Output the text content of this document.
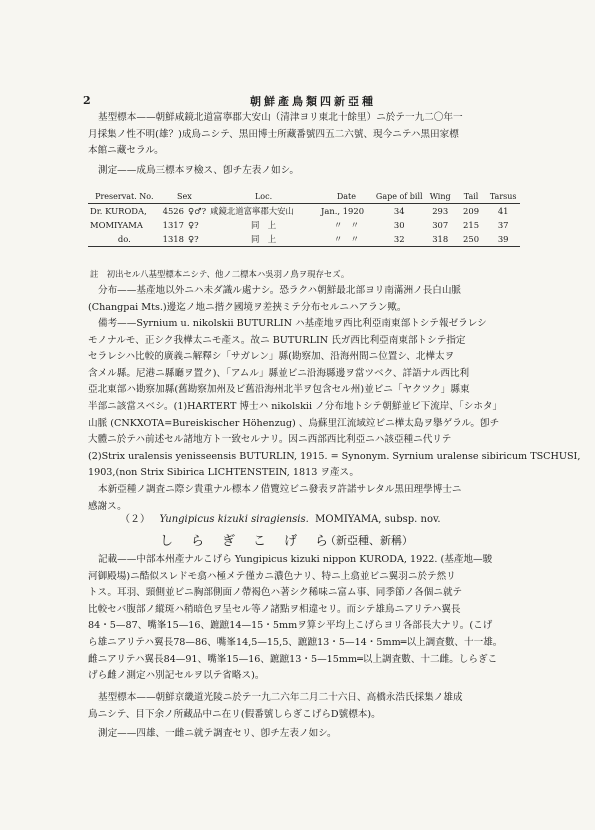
2	朝鮮產鳥類四新亞種
基型標本——朝鮮咸鏡北道富寧郡大安山（清津ヨリ東北十餘里）ニ於テ一九二〇年一
月採集ノ性不明(雄？)成鳥ニシテ、黒田博士所藏番號四五二六號、現今ニテハ黒田家標
本館ニ藏セラル。
測定——成鳥三標本ヲ檢ス、卽チ左表ノ如シ。
Preservat. No.	Sex		Loc.	Date	Gape of bill	Wing	Tail	Tarsus
Dr. KURODA,	4526	♀♂?	咸鏡北道富寧郡大安山	Jan., 1920	34	293	209	41
MOMIYAMA	1317	♀?	同　上	〃　〃	30	307	215	37
do.	1318	♀?	同　上	〃　〃	32	318	250	39
註　初出セル八基型標本ニシテ、他ノ二標本ハ吳羽ノ鳥ヲ現存セズ。
分布——基產地以外ニハ未ダ識ル處ナシ。恐ラクハ朝鮮最北部ヨリ南滿洲ノ長白山脈
(Changpai Mts.)邊迄ノ地ニ揩ク國境ヲ差挾ミテ分布セルニハアラン歟。
備考——Syrnium u. nikolskii BUTURLIN ハ基產地ヲ西比利亞南東部トシテ報ゼラレシ
モノナルモ、正シク我樺太ニモ產ス。故ニ BUTURLIN 氏ガ西比利亞南東部トシテ指定
セラレシハ比較的廣義ニ解釋シ「サガレン」縣(勘察加、沿海州間ニ位置シ、北樺太ヲ
含メル縣。尼港ニ縣廳ヲ置ク)、「アムル」縣並ビニ沿海縣邊ヲ當ツベク、詳語ナル西比利
亞北東部ハ勘察加縣(舊勘察加州及ビ舊沿海州北半ヲ包含セル州)並ビニ「ヤクツク」縣東
半部ニ該當スベシ。(1)HARTERT 博士ハ nikolskii ノ分布地トシテ朝鮮並ビ下流岸、「シホタ」
山脈 (CNKXOTA=Bureiskischer Höhenzug) 、烏蘇里江流域竝ビニ樺太島ヲ擧ゲラル。卽チ
大體ニ於テハ前述セル諸地方ト一致セルナリ。因ニ西部西比利亞ニハ該亞種ニ代リテ
(2)Strix uralensis yenisseensis BUTURLIN, 1915. = Synonym. Syrnium uralense sibiricum TSCHUSI,
1903,(non Strix Sibirica LICHTENSTEIN, 1813 ヲ產ス。
本新亞種ノ調査ニ際シ貴重ナル標本ノ借覽竝ビニ發表ヲ許諾サレタル黒田理學博士ニ
感謝ス。
（２） Yungipicus kizuki siragiensis. MOMIYAMA, subsp. nov.
しらぎこげら
（新亞種、新稱）
記載——中部本州產ナルこげら Yungipicus kizuki nippon KURODA, 1922. (基產地—駿
河御殿場)ニ酷似スレドモ翕ハ極メテ僅カニ濃色ナリ、特ニ上翕並ビニ翼羽ニ於テ然リ
トス。耳羽、頸側並ビニ胸部側面ノ帶褐色ハ著シク稀味ニ富ム事、同季節ノ各個ニ就テ
比較セバ腹部ノ縱斑ハ稍暗色ヲ呈セル等ノ諸點ヲ相違セリ。而シテ雄鳥ニアリテハ翼長
84・5—87、嘴峯15—16、蹠蹠14—15・5mmヲ算シ平均上こげらヨリ各部長大ナリ。(こげ
ら雄ニアリテハ翼長78—86、嘴峯14,5—15,5、蹠蹠13・5—14・5mm═以上調査數、十一雄。
雌ニアリテハ翼長84—91、嘴峯15—16、蹠蹠13・5—15mm═以上調査數、十二雌。しらぎこ
げら雌ノ測定ハ別記セルヲ以テ省略ス)。
基型標本——朝鮮京畿道光陵ニ於テ一九二六年二月二十六日、高橋永浩氏採集ノ雄成
鳥ニシテ、目下余ノ所藏品中ニ在リ(假番號しらぎこげらD號標本)。
測定——四雄、一雌ニ就テ調査セリ、卽チ左表ノ如シ。
